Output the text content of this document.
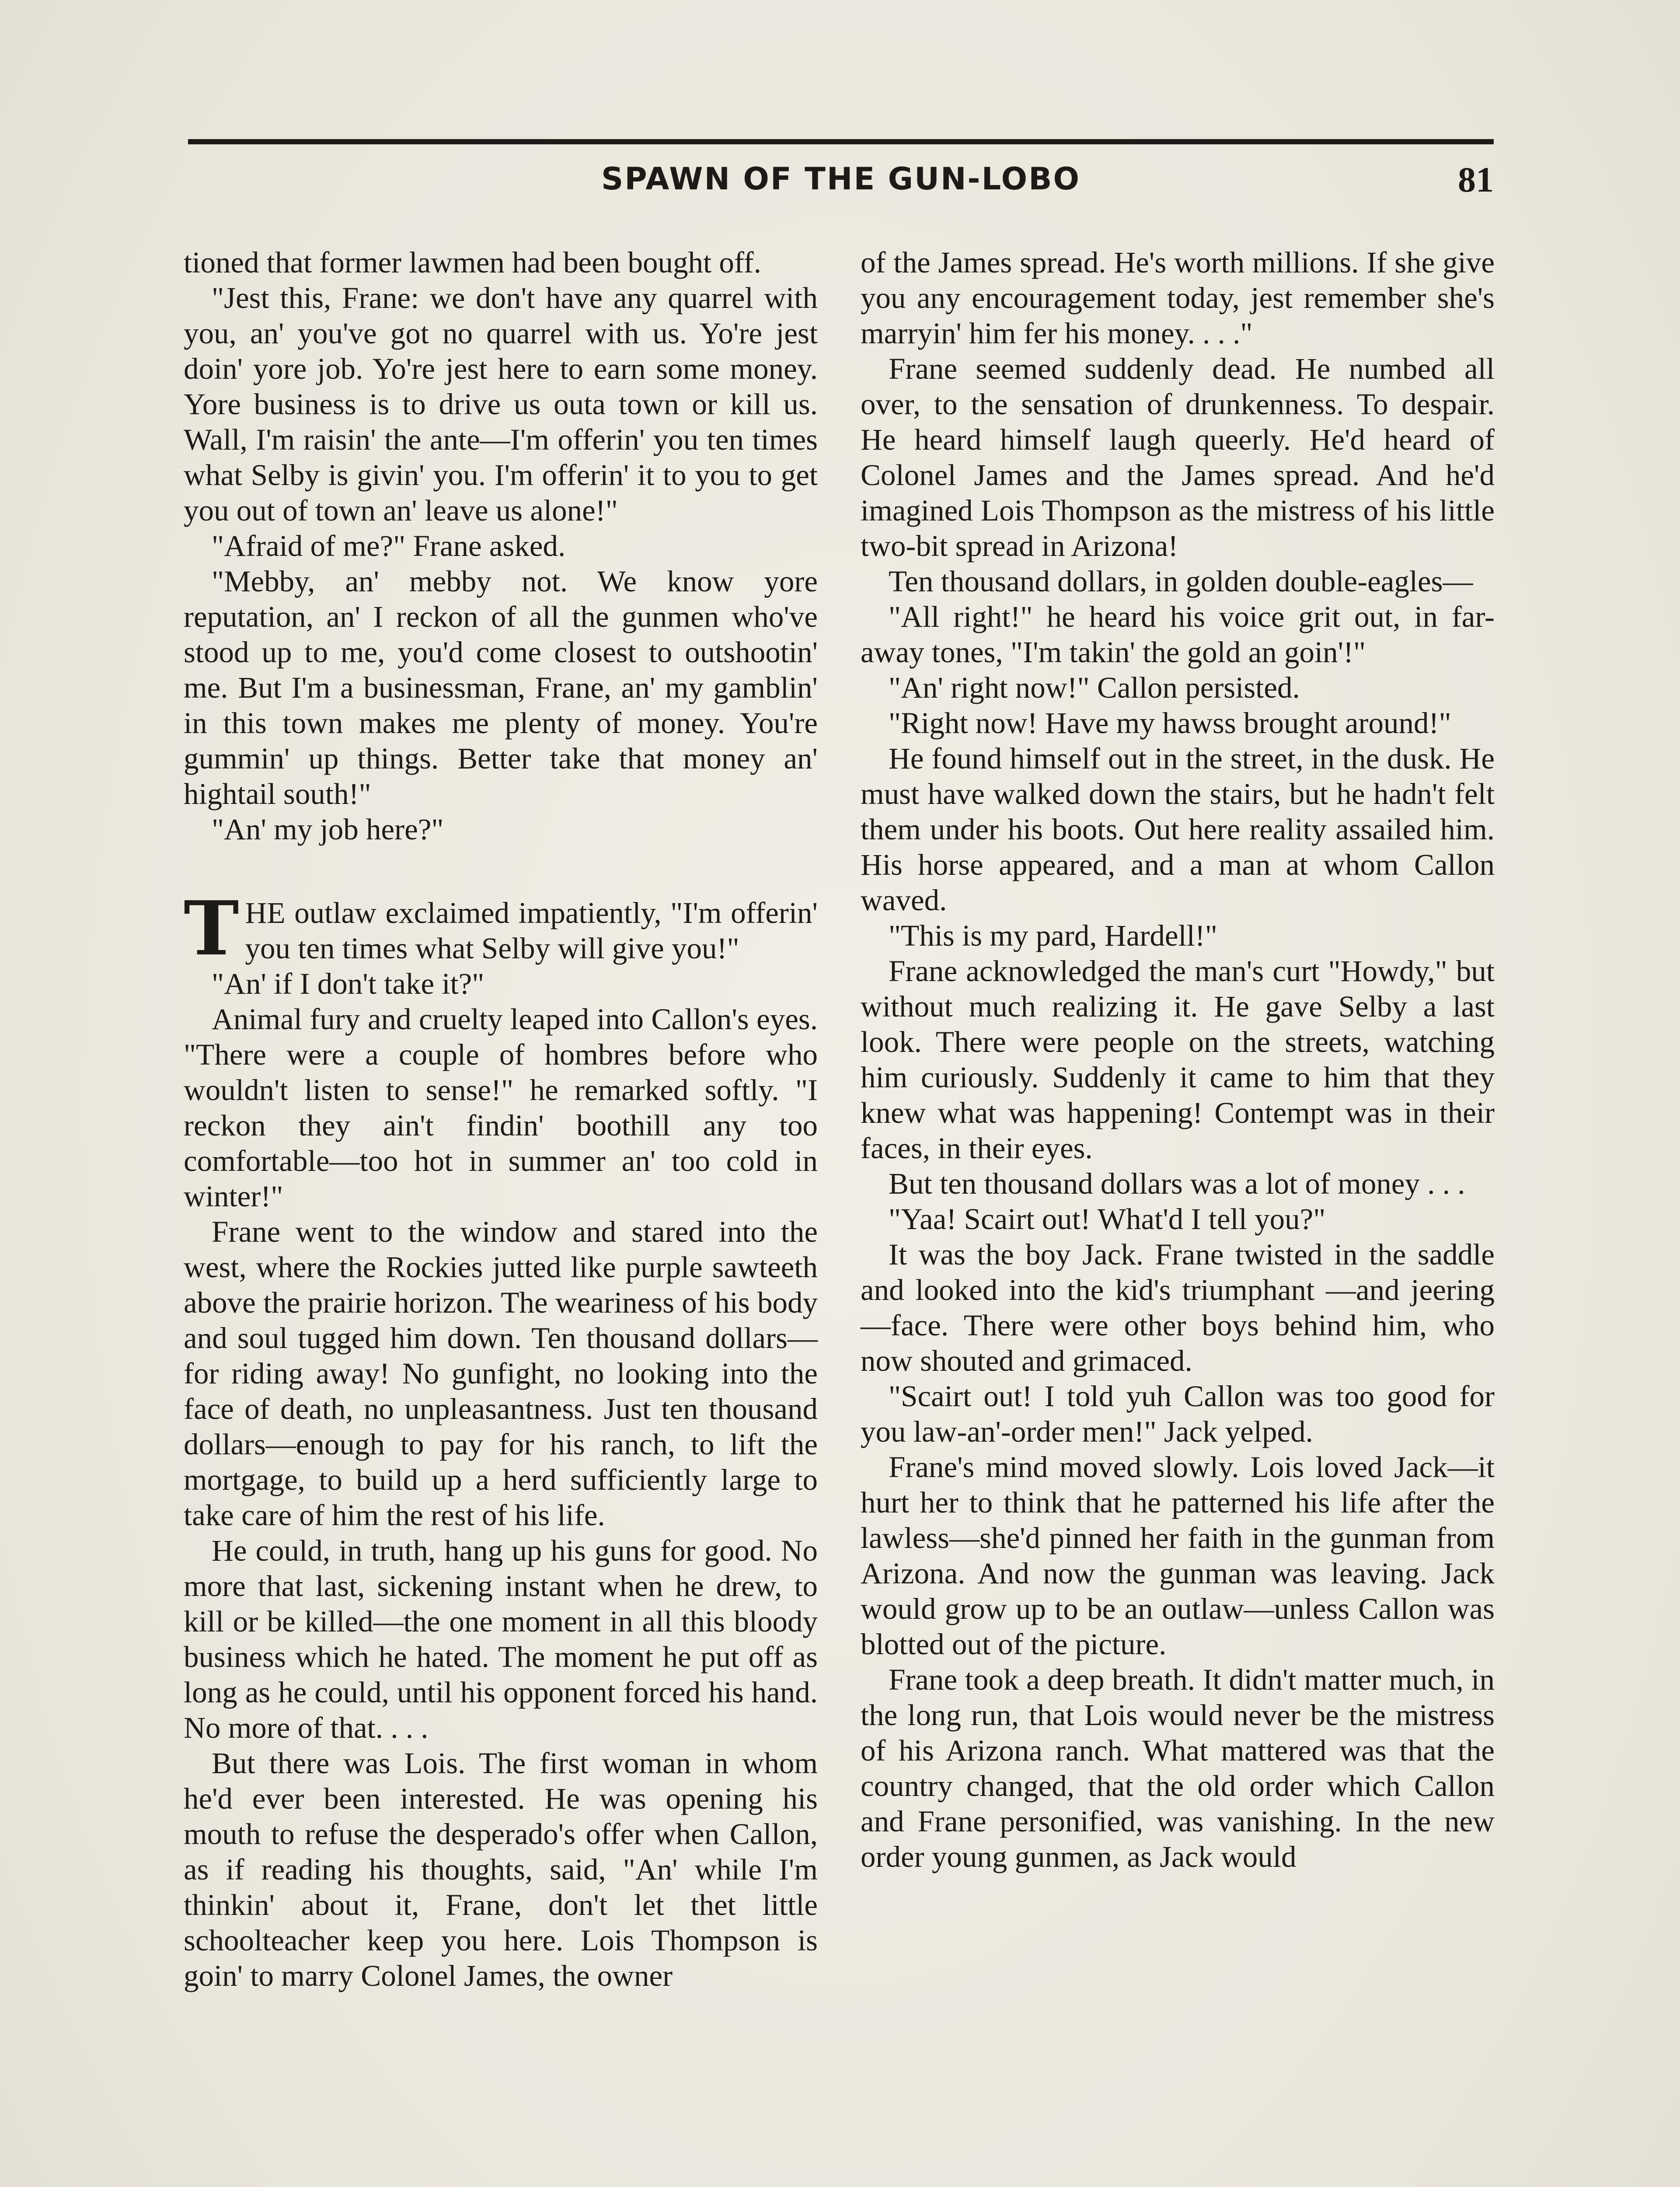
SPAWN OF THE GUN-LOBO	81

tioned that former lawmen had been bought off.

"Jest this, Frane: we don't have any quarrel with you, an' you've got no quarrel with us. Yo're jest doin' yore job. Yo're jest here to earn some money. Yore business is to drive us outa town or kill us. Wall, I'm raisin' the ante—I'm offerin' you ten times what Selby is givin' you. I'm offerin' it to you to get you out of town an' leave us alone!"

"Afraid of me?" Frane asked.

"Mebby, an' mebby not. We know yore reputation, an' I reckon of all the gunmen who've stood up to me, you'd come closest to outshootin' me. But I'm a businessman, Frane, an' my gamblin' in this town makes me plenty of money. You're gummin' up things. Better take that money an' hightail south!"

"An' my job here?"

THE outlaw exclaimed impatiently, "I'm offerin' you ten times what Selby will give you!"

"An' if I don't take it?"

Animal fury and cruelty leaped into Callon's eyes. "There were a couple of hombres before who wouldn't listen to sense!" he remarked softly. "I reckon they ain't findin' boothill any too comfortable—too hot in summer an' too cold in winter!"

Frane went to the window and stared into the west, where the Rockies jutted like purple sawteeth above the prairie horizon. The weariness of his body and soul tugged him down. Ten thousand dollars—for riding away! No gunfight, no looking into the face of death, no unpleasantness. Just ten thousand dollars—enough to pay for his ranch, to lift the mortgage, to build up a herd sufficiently large to take care of him the rest of his life.

He could, in truth, hang up his guns for good. No more that last, sickening instant when he drew, to kill or be killed—the one moment in all this bloody business which he hated. The moment he put off as long as he could, until his opponent forced his hand. No more of that. . . .

But there was Lois. The first woman in whom he'd ever been interested. He was opening his mouth to refuse the desperado's offer when Callon, as if reading his thoughts, said, "An' while I'm thinkin' about it, Frane, don't let thet little schoolteacher keep you here. Lois Thompson is goin' to marry Colonel James, the owner

of the James spread. He's worth millions. If she give you any encouragement today, jest remember she's marryin' him fer his money. . . ."

Frane seemed suddenly dead. He numbed all over, to the sensation of drunkenness. To despair. He heard himself laugh queerly. He'd heard of Colonel James and the James spread. And he'd imagined Lois Thompson as the mistress of his little two-bit spread in Arizona!

Ten thousand dollars, in golden double-eagles—

"All right!" he heard his voice grit out, in far-away tones, "I'm takin' the gold an goin'!"

"An' right now!" Callon persisted.

"Right now! Have my hawss brought around!"

He found himself out in the street, in the dusk. He must have walked down the stairs, but he hadn't felt them under his boots. Out here reality assailed him. His horse appeared, and a man at whom Callon waved.

"This is my pard, Hardell!"

Frane acknowledged the man's curt "Howdy," but without much realizing it. He gave Selby a last look. There were people on the streets, watching him curiously. Suddenly it came to him that they knew what was happening! Contempt was in their faces, in their eyes.

But ten thousand dollars was a lot of money . . .

"Yaa! Scairt out! What'd I tell you?"

It was the boy Jack. Frane twisted in the saddle and looked into the kid's triumphant —and jeering—face. There were other boys behind him, who now shouted and grimaced.

"Scairt out! I told yuh Callon was too good for you law-an'-order men!" Jack yelped.

Frane's mind moved slowly. Lois loved Jack—it hurt her to think that he patterned his life after the lawless—she'd pinned her faith in the gunman from Arizona. And now the gunman was leaving. Jack would grow up to be an outlaw—unless Callon was blotted out of the picture.

Frane took a deep breath. It didn't matter much, in the long run, that Lois would never be the mistress of his Arizona ranch. What mattered was that the country changed, that the old order which Callon and Frane personified, was vanishing. In the new order young gunmen, as Jack would
